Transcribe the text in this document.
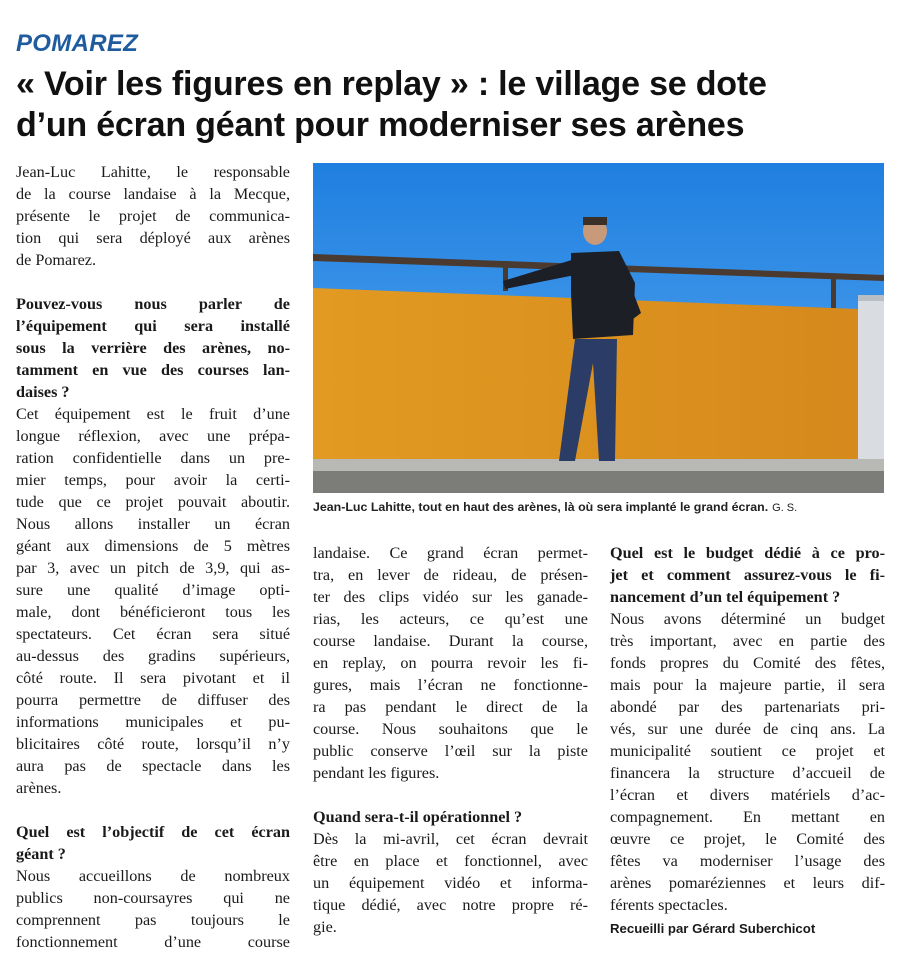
POMAREZ
« Voir les figures en replay » : le village se dote
d’un écran géant pour moderniser ses arènes

Jean-Luc Lahitte, le responsable
de la course landaise à la Mecque,
présente le projet de communica-
tion qui sera déployé aux arènes
de Pomarez.

Pouvez-vous nous parler de
l’équipement qui sera installé
sous la verrière des arènes, no-
tamment en vue des courses lan-
daises ?

Cet équipement est le fruit d’une
longue réflexion, avec une prépa-
ration confidentielle dans un pre-
mier temps, pour avoir la certi-
tude que ce projet pouvait aboutir.
Nous allons installer un écran
géant aux dimensions de 5 mètres
par 3, avec un pitch de 3,9, qui as-
sure une qualité d’image opti-
male, dont bénéficieront tous les
spectateurs. Cet écran sera situé
au-dessus des gradins supérieurs,
côté route. Il sera pivotant et il
pourra permettre de diffuser des
informations municipales et pu-
blicitaires côté route, lorsqu’il n’y
aura pas de spectacle dans les
arènes.

Quel est l’objectif de cet écran
géant ?

Nous accueillons de nombreux
publics non-coursayres qui ne
comprennent pas toujours le
fonctionnement d’une course

Jean-Luc Lahitte, tout en haut des arènes, là où sera implanté le grand écran. G. S.

landaise. Ce grand écran permet-
tra, en lever de rideau, de présen-
ter des clips vidéo sur les ganade-
rias, les acteurs, ce qu’est une
course landaise. Durant la course,
en replay, on pourra revoir les fi-
gures, mais l’écran ne fonctionne-
ra pas pendant le direct de la
course. Nous souhaitons que le
public conserve l’œil sur la piste
pendant les figures.

Quand sera-t-il opérationnel ?

Dès la mi-avril, cet écran devrait
être en place et fonctionnel, avec
un équipement vidéo et informa-
tique dédié, avec notre propre ré-
gie.

Quel est le budget dédié à ce pro-
jet et comment assurez-vous le fi-
nancement d’un tel équipement ?

Nous avons déterminé un budget
très important, avec en partie des
fonds propres du Comité des fêtes,
mais pour la majeure partie, il sera
abondé par des partenariats pri-
vés, sur une durée de cinq ans. La
municipalité soutient ce projet et
financera la structure d’accueil de
l’écran et divers matériels d’ac-
compagnement. En mettant en
œuvre ce projet, le Comité des
fêtes va moderniser l’usage des
arènes pomaréziennes et leurs dif-
férents spectacles.

Recueilli par Gérard Suberchicot
